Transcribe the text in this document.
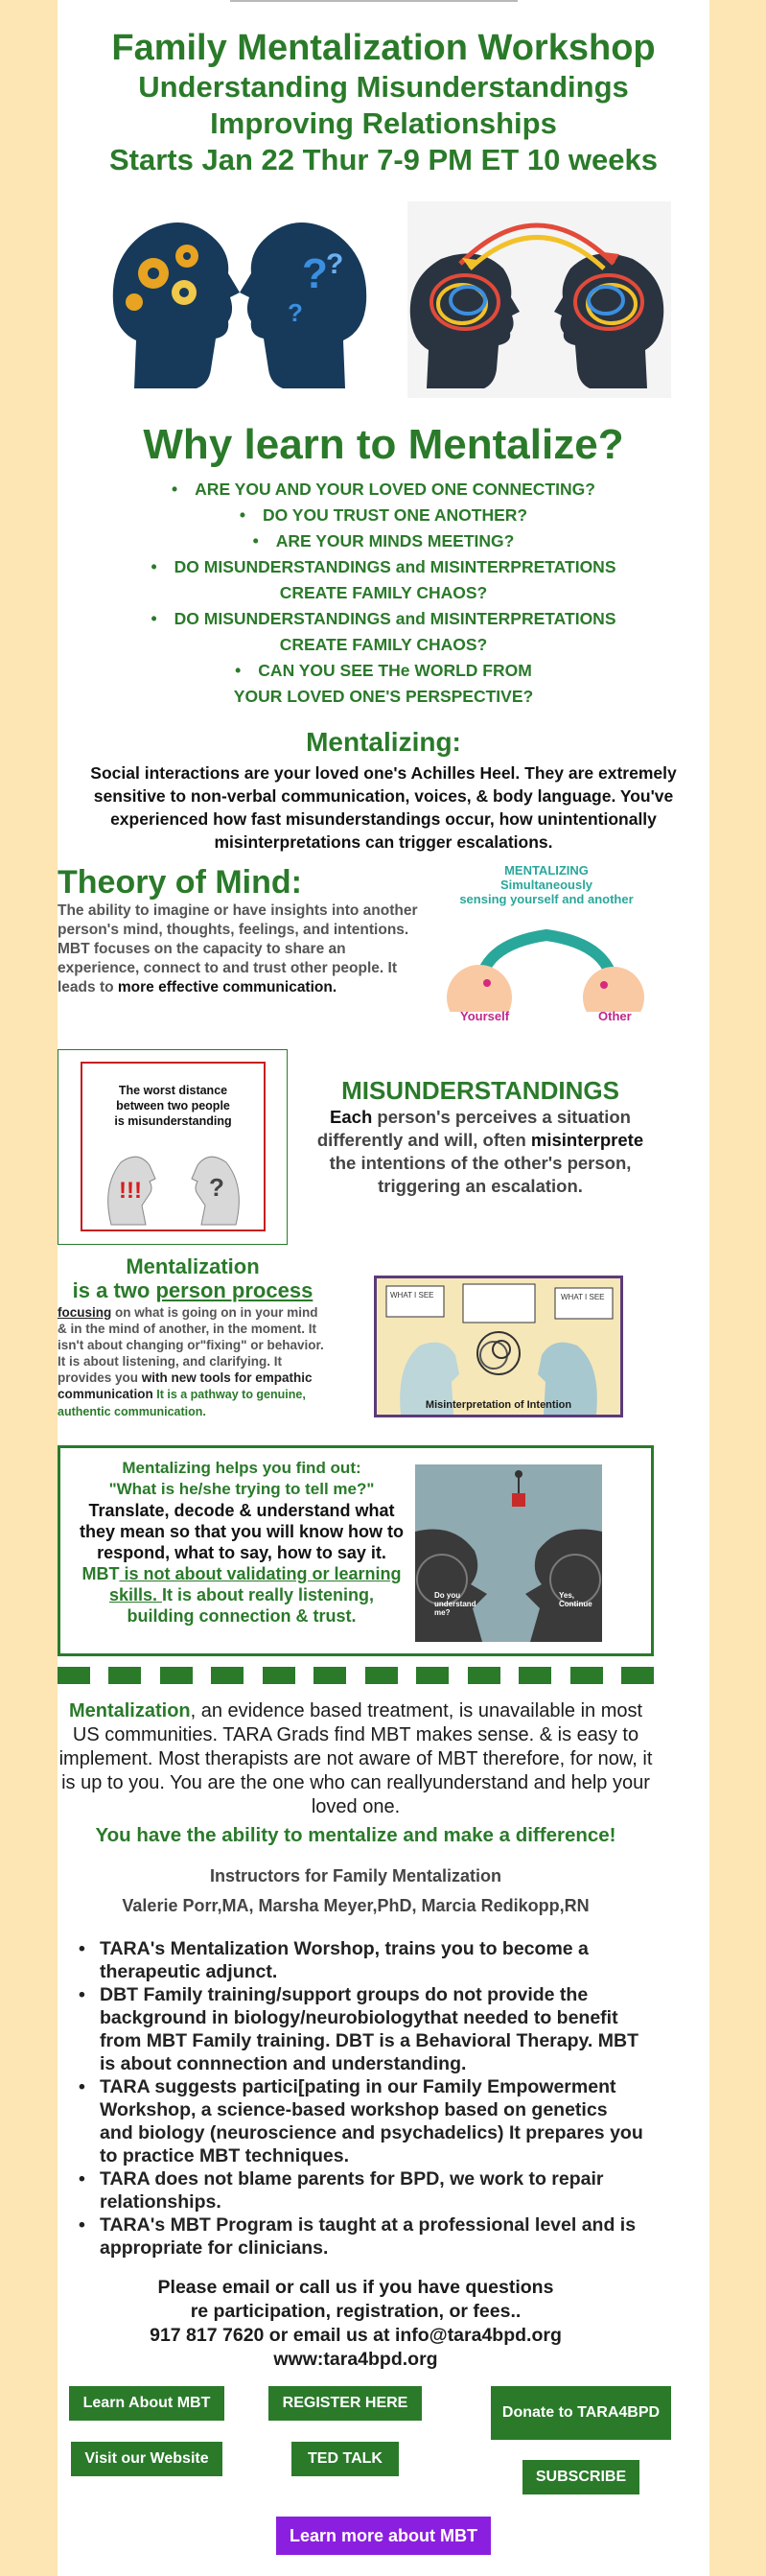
Family Mentalization Workshop
Understanding Misunderstandings
Improving Relationships
Starts Jan 22 Thur 7-9 PM ET 10 weeks
?
?
?
Why learn to Mentalize?
• ARE YOU AND YOUR LOVED ONE CONNECTING?
• DO YOU TRUST ONE ANOTHER?
• ARE YOUR MINDS MEETING?
• DO MISUNDERSTANDINGS and MISINTERPRETATIONS
CREATE FAMILY CHAOS?
• DO MISUNDERSTANDINGS and MISINTERPRETATIONS
CREATE FAMILY CHAOS?
• CAN YOU SEE THe WORLD FROM
YOUR LOVED ONE'S PERSPECTIVE?
Mentalizing:
Social interactions are your loved one's Achilles Heel. They are extremely sensitive to non-verbal communication, voices, & body language. You've experienced how fast misunderstandings occur, how unintentionally misinterpretations can trigger escalations.
Theory of Mind:
The ability to imagine or have insights into another person's mind, thoughts, feelings, and intentions. MBT focuses on the capacity to share an experience, connect to and trust other people. It leads to more effective communication.
MENTALIZING
Simultaneously
sensing yourself and another
Yourself	Other
The worst distance
between two people
is misunderstanding
!!!	?
MISUNDERSTANDINGS
Each person's perceives a situation differently and will, often misinterprete the intentions of the other's person, triggering an escalation.
Mentalization
is a two person process
focusing on what is going on in your mind & in the mind of another, in the moment. It isn't about changing or"fixing" or behavior. It is about listening, and clarifying. It provides you with new tools for empathic communication It is a pathway to genuine, authentic communication.
WHAT I SEE	WHAT I SEE
Misinterpretation of Intention
Mentalizing helps you find out:
"What is he/she trying to tell me?"
Translate, decode & understand what they mean so that you will know how to respond, what to say, how to say it.
MBT is not about validating or learning skills. It is about really listening, building connection & trust.
Do you understand me?
Yes, Continue
Mentalization, an evidence based treatment, is unavailable in most US communities. TARA Grads find MBT makes sense. & is easy to implement. Most therapists are not aware of MBT therefore, for now, it is up to you. You are the one who can reallyunderstand and help your loved one.
You have the ability to mentalize and make a difference!
Instructors for Family Mentalization
Valerie Porr,MA, Marsha Meyer,PhD, Marcia Redikopp,RN
• TARA's Mentalization Worshop, trains you to become a therapeutic adjunct.
• DBT Family training/support groups do not provide the background in biology/neurobiologythat needed to benefit from MBT Family training. DBT is a Behavioral Therapy. MBT is about connnection and understanding.
• TARA suggests partici[pating in our Family Empowerment Workshop, a science-based workshop based on genetics and biology (neuroscience and psychadelics) It prepares you to practice MBT techniques.
• TARA does not blame parents for BPD, we work to repair relationships.
• TARA's MBT Program is taught at a professional level and is appropriate for clinicians.
Please email or call us if you have questions
re participation, registration, or fees..
917 817 7620 or email us at info@tara4bpd.org
www:tara4bpd.org
Learn About MBT	REGISTER HERE
Donate to TARA4BPD
Visit our Website	TED TALK
SUBSCRIBE
Learn more about MBT
